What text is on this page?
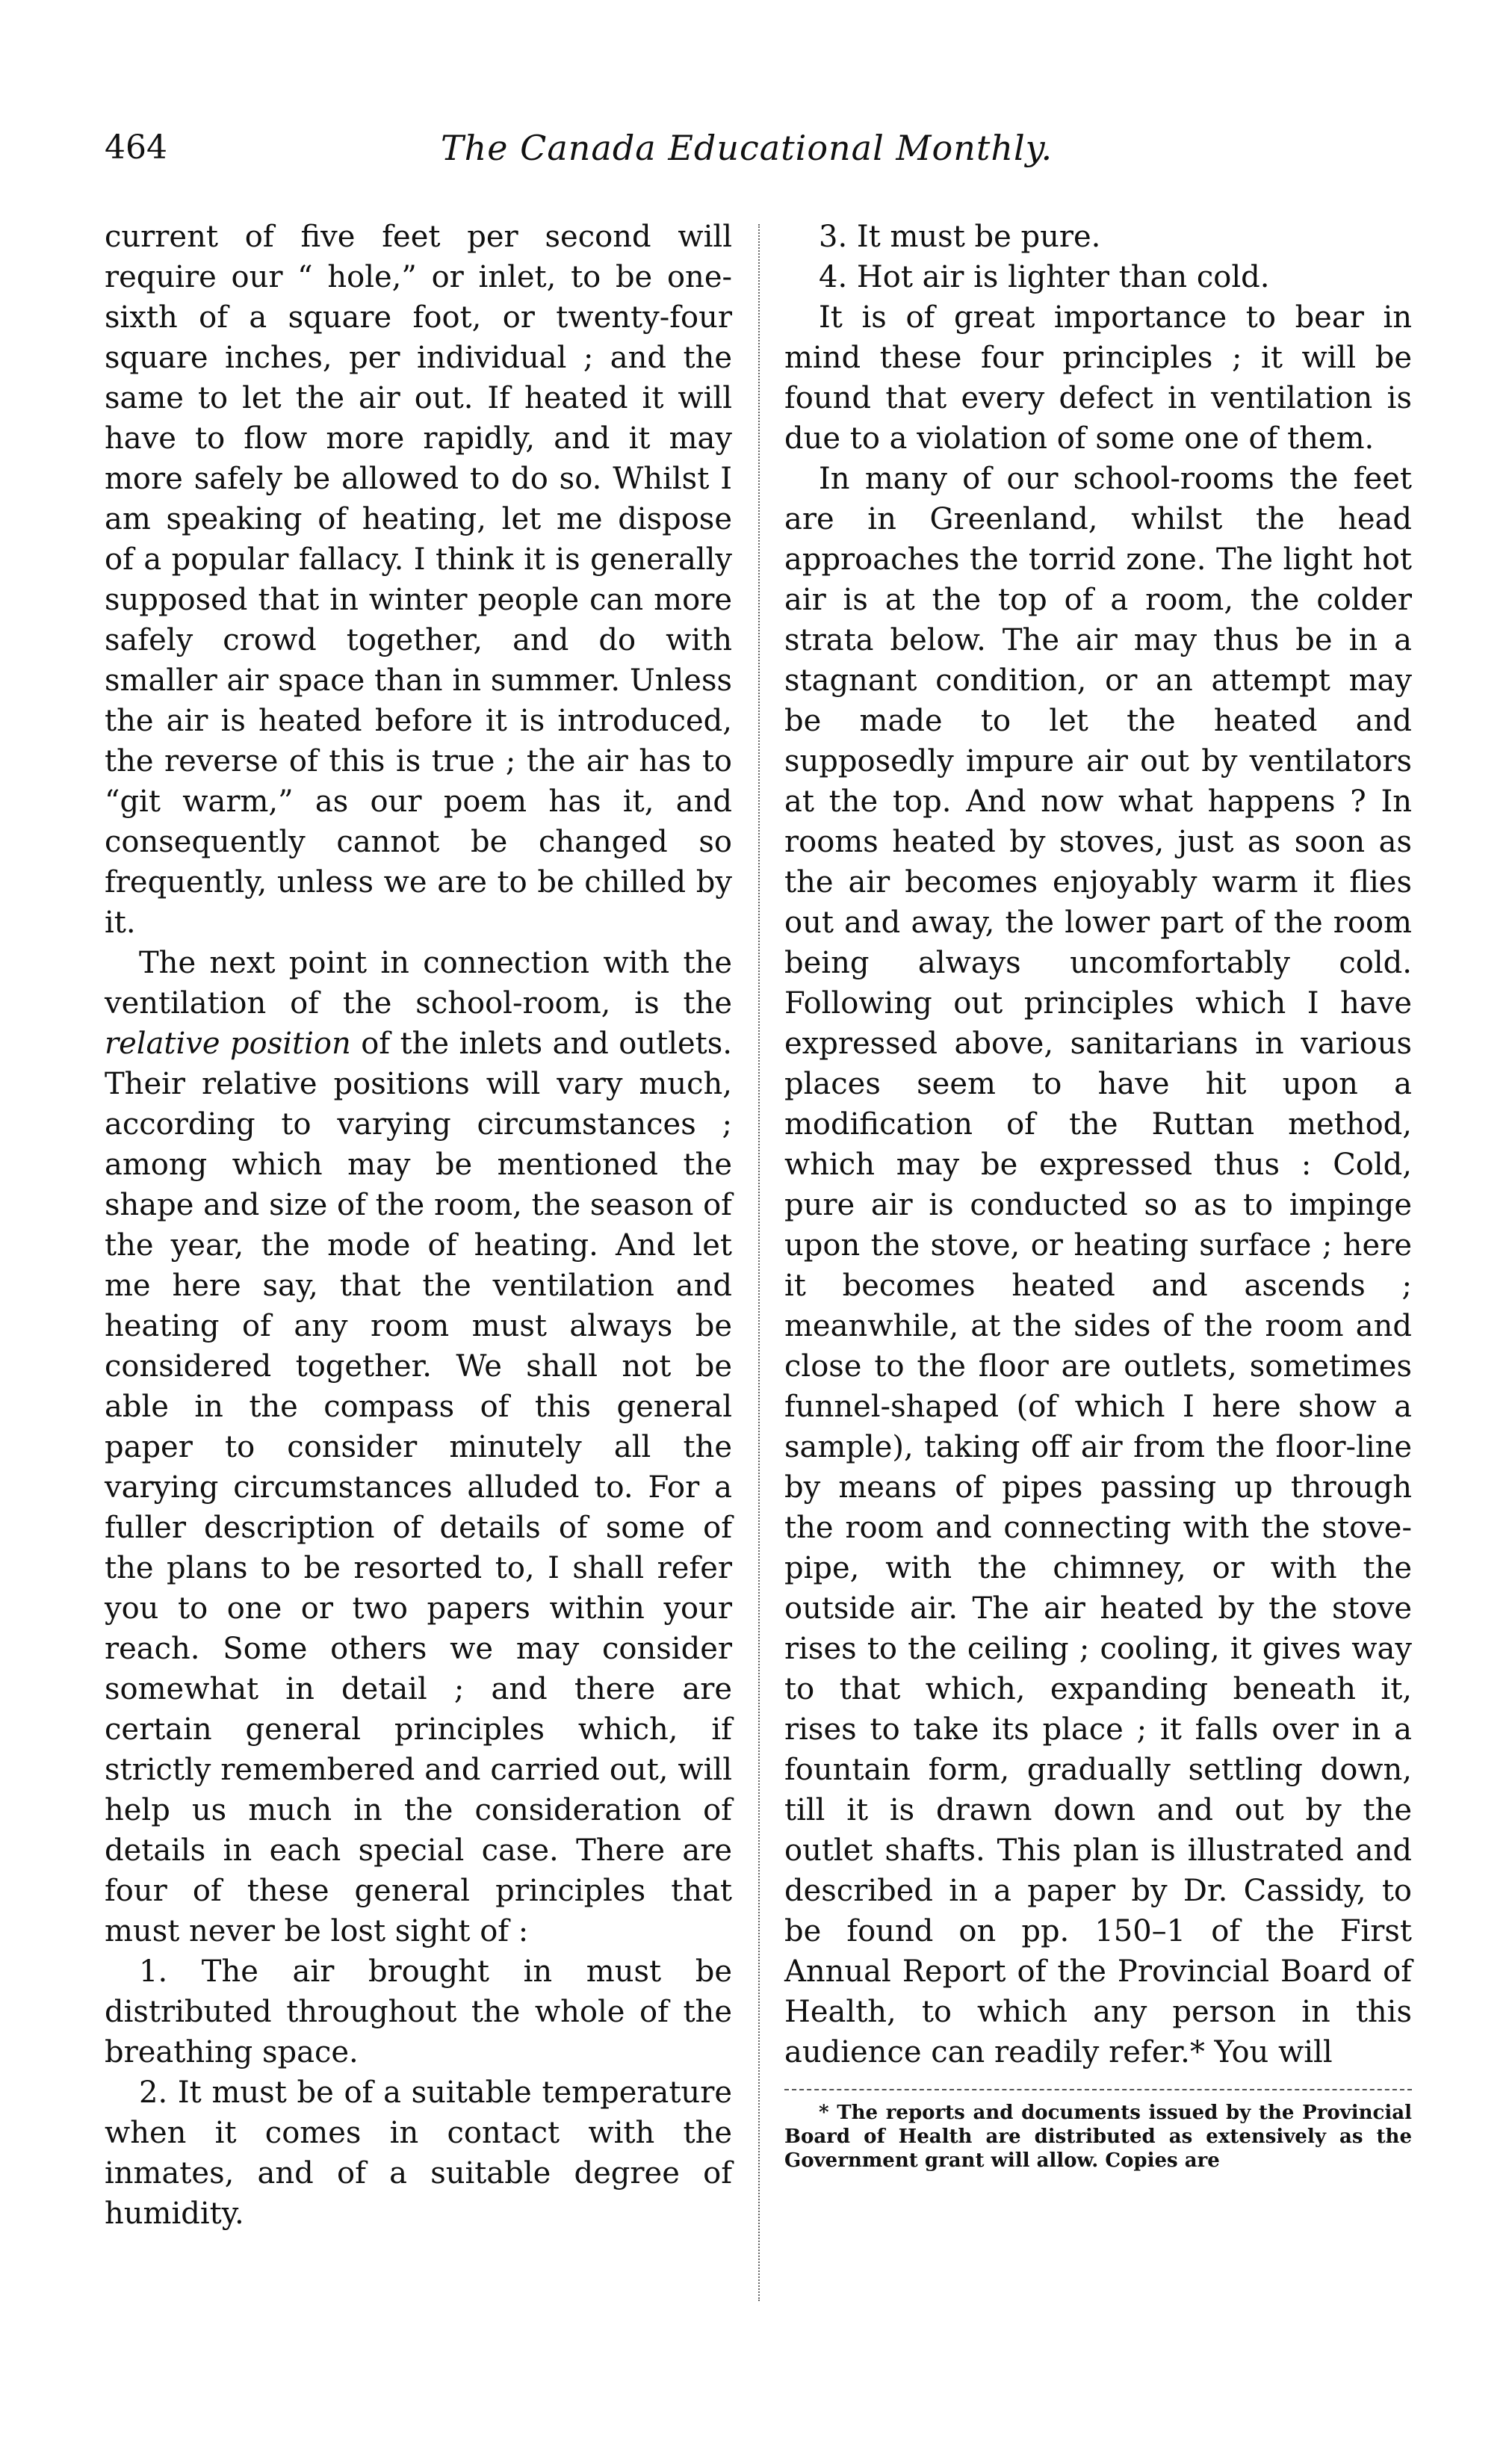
464	The Canada Educational Monthly.

current of five feet per second will require our “ hole,” or inlet, to be one-sixth of a square foot, or twenty-four square inches, per individual ; and the same to let the air out. If heated it will have to flow more rapidly, and it may more safely be allowed to do so. Whilst I am speaking of heating, let me dispose of a popular fallacy. I think it is generally supposed that in winter people can more safely crowd together, and do with smaller air space than in summer. Unless the air is heated before it is introduced, the reverse of this is true ; the air has to “git warm,” as our poem has it, and consequently cannot be changed so frequently, unless we are to be chilled by it.

The next point in connection with the ventilation of the school-room, is the relative position of the inlets and outlets. Their relative positions will vary much, according to varying circumstances ; among which may be mentioned the shape and size of the room, the season of the year, the mode of heating. And let me here say, that the ventilation and heating of any room must always be considered together. We shall not be able in the compass of this general paper to consider minutely all the varying circumstances alluded to. For a fuller description of details of some of the plans to be resorted to, I shall refer you to one or two papers within your reach. Some others we may consider somewhat in detail ; and there are certain general principles which, if strictly remembered and carried out, will help us much in the consideration of details in each special case. There are four of these general principles that must never be lost sight of :

1. The air brought in must be distributed throughout the whole of the breathing space.

2. It must be of a suitable temperature when it comes in contact with the inmates, and of a suitable degree of humidity.

3. It must be pure.

4. Hot air is lighter than cold.

It is of great importance to bear in mind these four principles ; it will be found that every defect in ventilation is due to a violation of some one of them.

In many of our school-rooms the feet are in Greenland, whilst the head approaches the torrid zone. The light hot air is at the top of a room, the colder strata below. The air may thus be in a stagnant condition, or an attempt may be made to let the heated and supposedly impure air out by ventilators at the top. And now what happens ? In rooms heated by stoves, just as soon as the air becomes enjoyably warm it flies out and away, the lower part of the room being always uncomfortably cold. Following out principles which I have expressed above, sanitarians in various places seem to have hit upon a modification of the Ruttan method, which may be expressed thus : Cold, pure air is conducted so as to impinge upon the stove, or heating surface ; here it becomes heated and ascends ; meanwhile, at the sides of the room and close to the floor are outlets, sometimes funnel-shaped (of which I here show a sample), taking off air from the floor-line by means of pipes passing up through the room and connecting with the stove-pipe, with the chimney, or with the outside air. The air heated by the stove rises to the ceiling ; cooling, it gives way to that which, expanding beneath it, rises to take its place ; it falls over in a fountain form, gradually settling down, till it is drawn down and out by the outlet shafts. This plan is illustrated and described in a paper by Dr. Cassidy, to be found on pp. 150–1 of the First Annual Report of the Provincial Board of Health, to which any person in this audience can readily refer.* You will

* The reports and documents issued by the Provincial Board of Health are distributed as extensively as the Government grant will allow. Copies are
